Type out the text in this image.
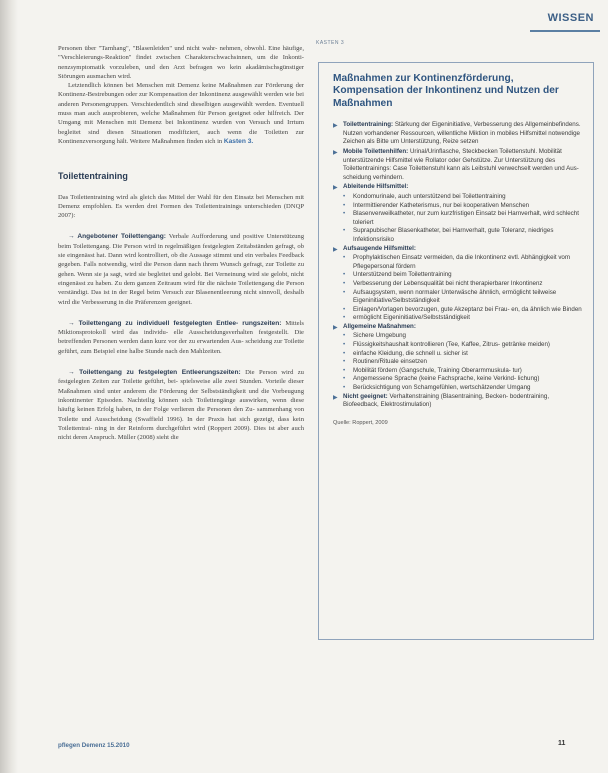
WISSEN
KASTEN 3

Personen über "Tarnhang", "Blasenleiden" und nicht wahr- nehmen, obwohl. Eine häufige, "Verschleierungs-Reaktion" findet zwischen Charakterschwachsinnen, um die Inkonti- nenzsymptomatik vorzuleben, und den Arzt befragen wo kein akadämischsgünstiger Störungen ausmachen wird.

Letztendlich können bei Menschen mit Demenz keine Maßnahmen zur Förderung der Kontinenz-Bestrebungen oder zur Kompensation der Inkontinenz ausgewählt werden wie bei anderen Personengruppen. Verschiedentlich sind dieselbigen ausgewählt werden. Eventuell muss man auch ausprobieren, welche Maßnahmen für Person geeignet oder hilfreich. Der Umgang mit Menschen mit Demenz bei Inkontinenz wurden von Versuch und Irrtum begleitet sind diesen Situationen modifiziert, auch wenn die Toiletten zur Kontinenzversorgung hält. Weitere Maßnahmen finden sich in Kasten 3.

Toilettentraining

Das Toilettentraining wird als gleich das Mittel der Wahl für den Einsatz bei Menschen mit Demenz empfohlen. Es werden drei Formen des Toilettentrainings unterschieden (DNQP 2007):

→ Angebotener Toilettengang: Verbale Aufforderung und positive Unterstützung beim Toilettengang. Die Person wird in regelmäßigen festgelegten Zeitabständen gefragt, ob sie eingenässt hat. Dann wird kontrolliert, ob die Aussage stimmt und ein verbales Feedback gegeben. Falls notwendig, wird die Person dann nach ihrem Wunsch gefragt, zur Toilette zu gehen. Wenn sie ja sagt, wird sie begleitet und gelobt. Bei Verneinung wird sie gelobt, nicht eingenässt zu haben. Zu dem ganzen Zeitraum wird für die nächste Toilettengang die Person verständigt. Das ist in der Regel beim Versuch zur Blasenentleerung nicht sinnvoll, deshalb wird die Verbesserung in die Präferenzen geeignet.

→ Toilettengang zu individuell festgelegten Entlee- rungszeiten: Mittels Miktionsprotokoll wird das individu- elle Ausscheidungsverhalten festgestellt. Die betreffenden Personen werden dann kurz vor der zu erwartenden Aus- scheidung zur Toilette geführt, zum Beispiel eine halbe Stunde nach den Mahlzeiten.

→ Toilettengang zu festgelegten Entleerungszeiten: Die Person wird zu festgelegten Zeiten zur Toilette geführt, bei- spielsweise alle zwei Stunden. Vorteile dieser Maßnahmen sind unter anderem die Förderung der Selbstständigkeit und die Vorbeugung inkontinenter Episoden. Nachteilig können sich Toilettengänge auswirken, wenn diese häufig keinen Erfolg haben, in der Folge verlieren die Personen den Zu- sammenhang von Toilette und Ausscheidung (Swaffield 1996). In der Praxis hat sich gezeigt, dass kein Toilettentrai- ning in der Reinform durchgeführt wird (Roppert 2009). Dies ist aber auch nicht deren Anspruch. Müller (2008) sieht die

Maßnahmen zur Kontinenzförderung, Kompensation der Inkontinenz und Nutzen der Maßnahmen
▶ Toilettentraining: Stärkung der Eigeninitiative, Verbesserung des Allgemeinbefindens. Nutzen vorhandener Ressourcen, willentliche Miktion in mobiles Hilfsmittel notwendige Zeichen als Bitte um Unterstützung, Reize setzen
▶ Mobile Toilettenhilfen: Urinal/Urinflasche, Steckbecken Toilettenstuhl. Mobilität unterstützende Hilfsmittel wie Rollator oder Gehstütze. Zur Unterstützung des Toilettentrainings: Case Toilettenstuhl kann als Leibstuhl verwechselt werden und Aus- scheidung verhindern.
▶ Ableitende Hilfsmittel:
• Kondomurinale, auch unterstützend bei Toilettentraining
• Intermittierender Katheterismus, nur bei kooperativen Menschen
• Blasenverweilkatheter, nur zum kurzfristigen Einsatz bei Harnverhalt, wird schlecht toleriert
• Suprapubischer Blasenkatheter, bei Harnverhalt, gute Toleranz, niedriges Infektionsrisiko
▶ Aufsaugende Hilfsmittel:
• Prophylaktischen Einsatz vermeiden, da die Inkontinenz evtl. Abhängigkeit vom Pflegepersonal fördern
• Unterstützend beim Toilettentraining
• Verbesserung der Lebensqualität bei nicht therapierbarer Inkontinenz
• Aufsaugsystem, wenn normaler Unterwäsche ähnlich, ermöglicht teilweise Eigeninitiative/Selbstständigkeit
• Einlagen/Vorlagen bevorzugen, gute Akzeptanz bei Frau- en, da ähnlich wie Binden
• ermöglicht Eigeninitiative/Selbstständigkeit
▶ Allgemeine Maßnahmen:
• Sichere Umgebung
• Flüssigkeitshaushalt kontrollieren (Tee, Kaffee, Zitrus- getränke meiden)
• einfache Kleidung, die schnell u. sicher ist
• Routinen/Rituale einsetzen
• Mobilität fördern (Gangschule, Training Oberarmmuskula- tur)
• Angemessene Sprache (keine Fachsprache, keine Verkind- lichung)
• Berücksichtigung von Schamgefühlen, wertschätzender Umgang
▶ Nicht geeignet: Verhaltenstraining (Blasentraining, Becken- bodentraining, Biofeedback, Elektrostimulation)
Quelle: Roppert, 2009
pflegen Demenz 15.2010	11
